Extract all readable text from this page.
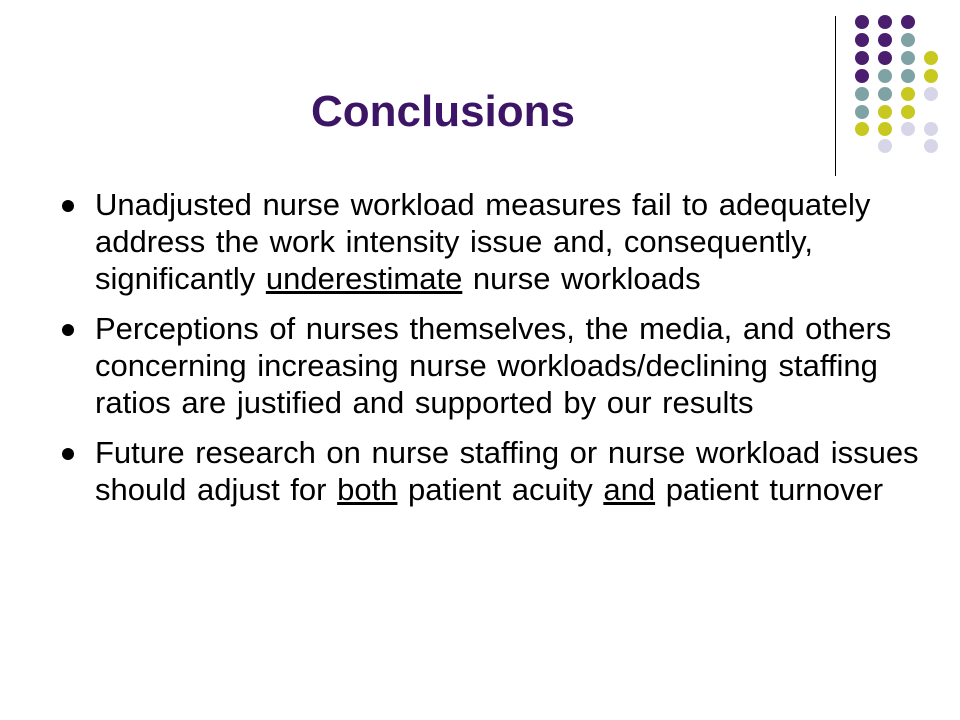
Conclusions
Unadjusted nurse workload measures fail to adequately address the work intensity issue and, consequently, significantly underestimate nurse workloads
Perceptions of nurses themselves, the media, and others concerning increasing nurse workloads/declining staffing ratios are justified and supported by our results
Future research on nurse staffing or nurse workload issues should adjust for both patient acuity and patient turnover
